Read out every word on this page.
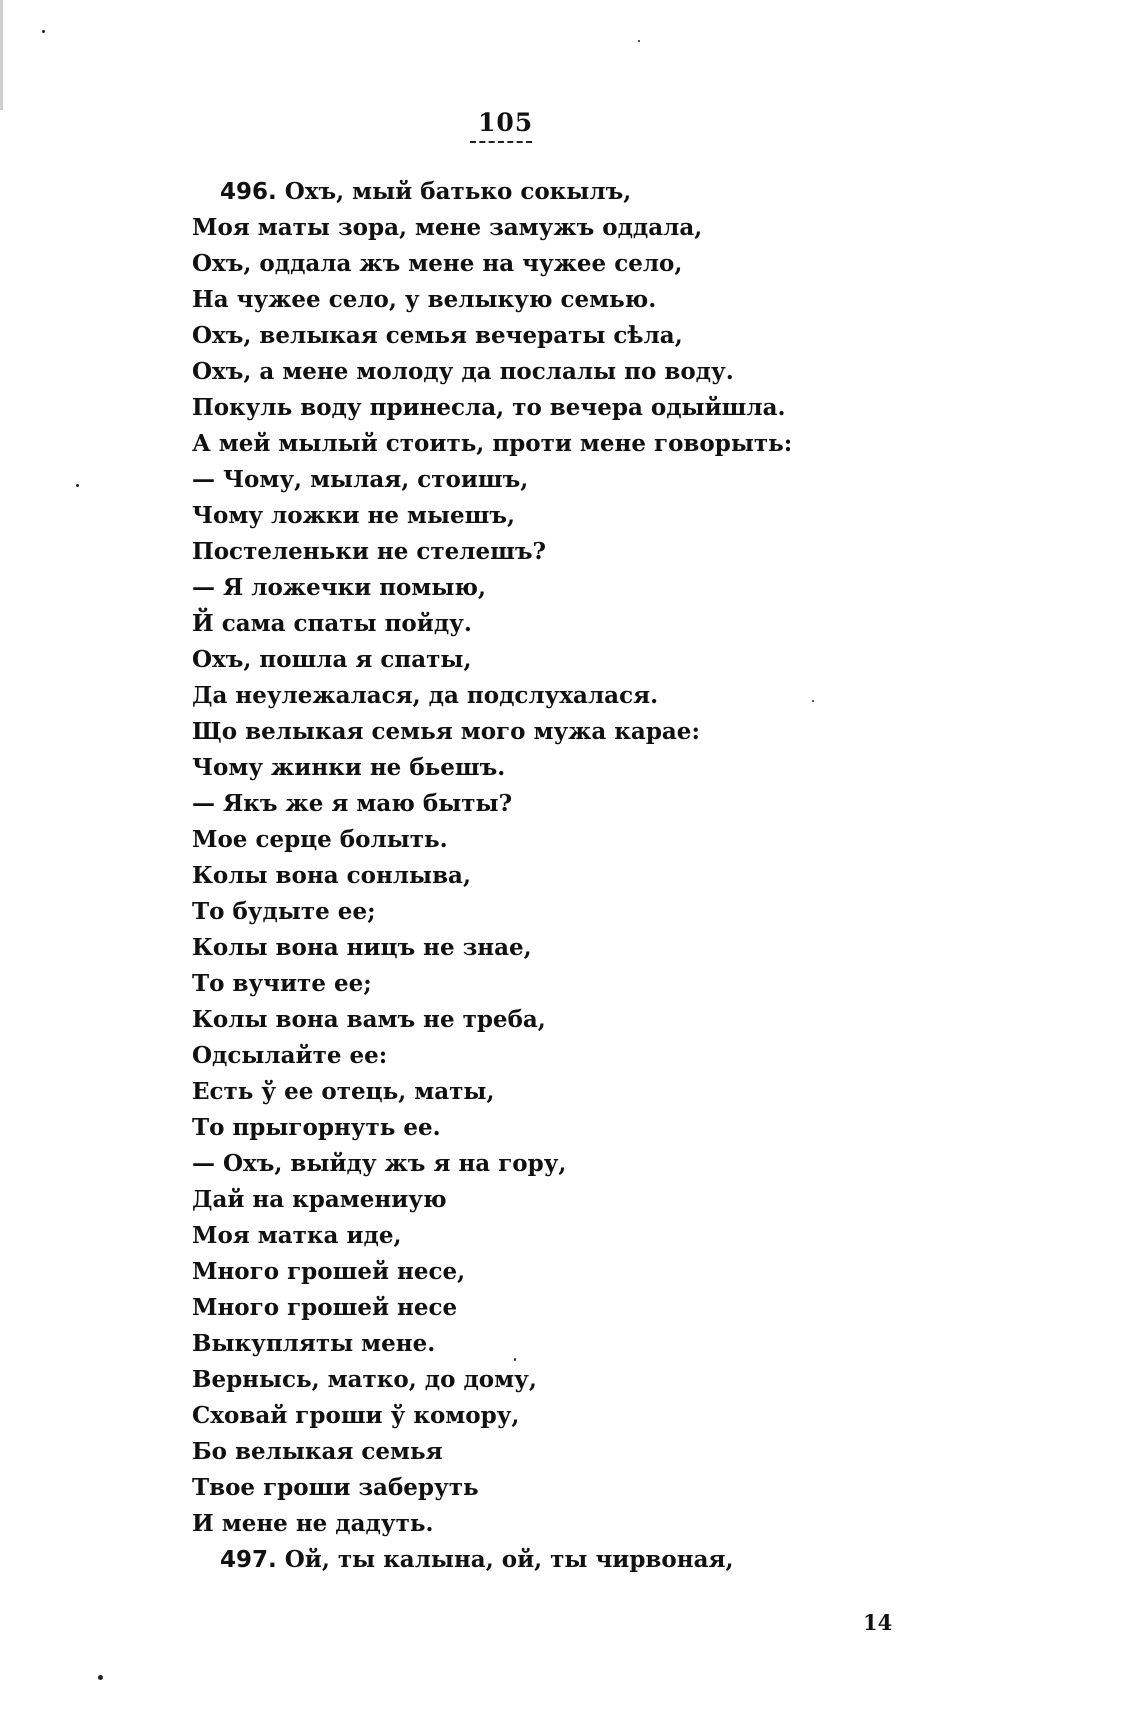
105
496. Охъ, мый батько сокылъ,
Моя маты зора, мене замужъ оддала,
Охъ, оддала жъ мене на чужее село,
На чужее село, у велыкую семью.
Охъ, велыкая семья вечераты сѣла,
Охъ, а мене молоду да послалы по воду.
Покуль воду принесла, то вечера одыйшла.
А мей мылый стоить, проти мене говорыть:
— Чому, мылая, стоишъ,
Чому ложки не мыешъ,
Постеленьки не стелешъ?
— Я ложечки помыю,
Й сама спаты пойду.
Охъ, пошла я спаты,
Да неулежалася, да подслухалася.
Що велыкая семья мого мужа карае:
Чому жинки не бьешъ.
— Якъ же я маю быты?
Мое серце болыть.
Колы вона сонлыва,
То будыте ее;
Колы вона ницъ не знае,
То вучите ее;
Колы вона вамъ не треба,
Одсылайте ее:
Есть ў ее отець, маты,
То прыгорнуть ее.
— Охъ, выйду жъ я на гору,
Дай на крамениую
Моя матка иде,
Много грошей несе,
Много грошей несе
Выкупляты мене.
Вернысь, матко, до дому,
Сховай гроши ў комору,
Бо велыкая семья
Твое гроши заберуть
И мене не дадуть.
497. Ой, ты калына, ой, ты чирвоная,
14
